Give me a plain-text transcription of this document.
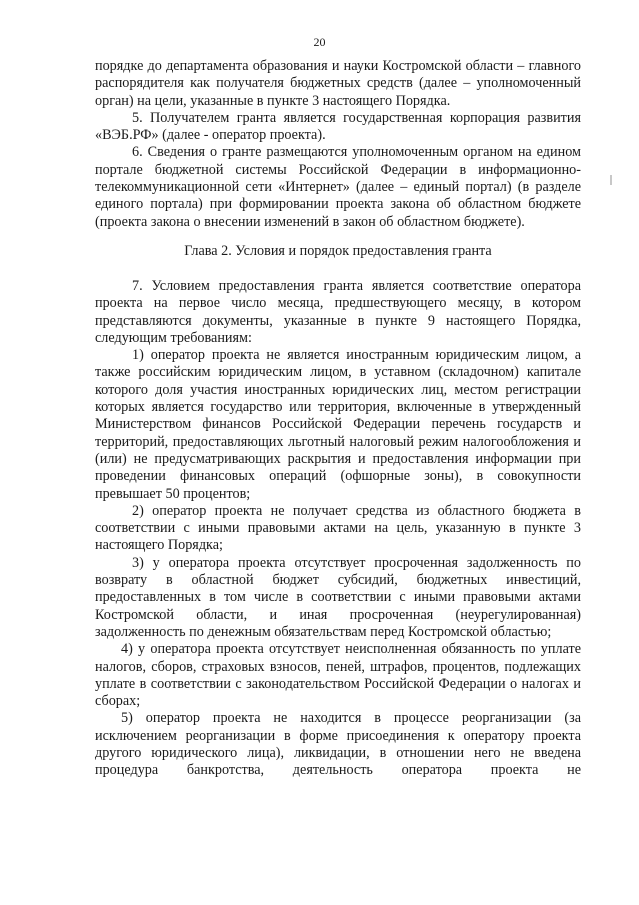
20

порядке до департамента образования и науки Костромской области – главного распорядителя как получателя бюджетных средств (далее – уполномоченный орган) на цели, указанные в пункте 3 настоящего Порядка.

5. Получателем гранта является государственная корпорация развития «ВЭБ.РФ» (далее - оператор проекта).

6. Сведения о гранте размещаются уполномоченным органом на едином портале бюджетной системы Российской Федерации в информационно-телекоммуникационной сети «Интернет» (далее – единый портал) (в разделе единого портала) при формировании проекта закона об областном бюджете (проекта закона о внесении изменений в закон об областном бюджете).

Глава 2. Условия и порядок предоставления гранта

7. Условием предоставления гранта является соответствие оператора проекта на первое число месяца, предшествующего месяцу, в котором представляются документы, указанные в пункте 9 настоящего Порядка, следующим требованиям:

1) оператор проекта не является иностранным юридическим лицом, а также российским юридическим лицом, в уставном (складочном) капитале которого доля участия иностранных юридических лиц, местом регистрации которых является государство или территория, включенные в утвержденный Министерством финансов Российской Федерации перечень государств и территорий, предоставляющих льготный налоговый режим налогообложения и (или) не предусматривающих раскрытия и предоставления информации при проведении финансовых операций (офшорные зоны), в совокупности превышает 50 процентов;

2) оператор проекта не получает средства из областного бюджета в соответствии с иными правовыми актами на цель, указанную в пункте 3 настоящего Порядка;

3) у оператора проекта отсутствует просроченная задолженность по возврату в областной бюджет субсидий, бюджетных инвестиций, предоставленных в том числе в соответствии с иными правовыми актами Костромской области, и иная просроченная (неурегулированная) задолженность по денежным обязательствам перед Костромской областью;

4) у оператора проекта отсутствует неисполненная обязанность по уплате налогов, сборов, страховых взносов, пеней, штрафов, процентов, подлежащих уплате в соответствии с законодательством Российской Федерации о налогах и сборах;

5) оператор проекта не находится в процессе реорганизации (за исключением реорганизации в форме присоединения к оператору проекта другого юридического лица), ликвидации, в отношении него не введена процедура банкротства, деятельность оператора проекта не
